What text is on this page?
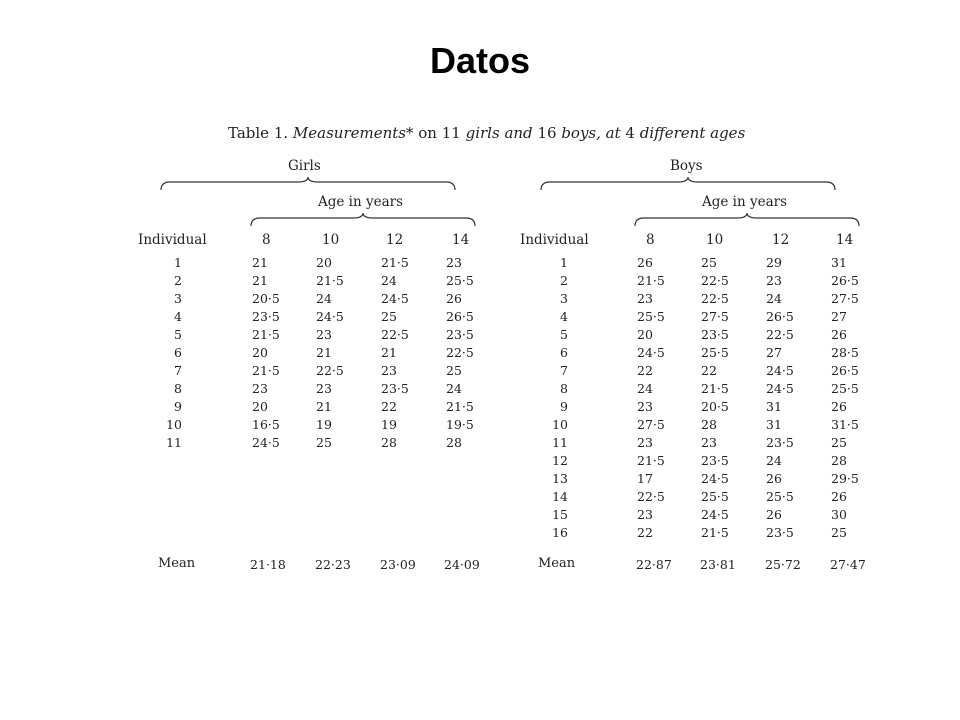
Datos
Table 1. Measurements* on 11 girls and 16 boys, at 4 different ages
Girls
Age in years
Boys
Age in years
Individual	8	10	12	14	Individual	8	10	12	14
1	21	20	21·5	23
2	21	21·5	24	25·5
3	20·5	24	24·5	26
4	23·5	24·5	25	26·5
5	21·5	23	22·5	23·5
6	20	21	21	22·5
7	21·5	22·5	23	25
8	23	23	23·5	24
9	20	21	22	21·5
10	16·5	19	19	19·5
11	24·5	25	28	28
1	26	25	29	31
2	21·5	22·5	23	26·5
3	23	22·5	24	27·5
4	25·5	27·5	26·5	27
5	20	23·5	22·5	26
6	24·5	25·5	27	28·5
7	22	22	24·5	26·5
8	24	21·5	24·5	25·5
9	23	20·5	31	26
10	27·5	28	31	31·5
11	23	23	23·5	25
12	21·5	23·5	24	28
13	17	24·5	26	29·5
14	22·5	25·5	25·5	26
15	23	24·5	26	30
16	22	21·5	23·5	25
Mean	21·18 22·23 23·09 24·09	Mean	22·87 23·81 25·72 27·47
